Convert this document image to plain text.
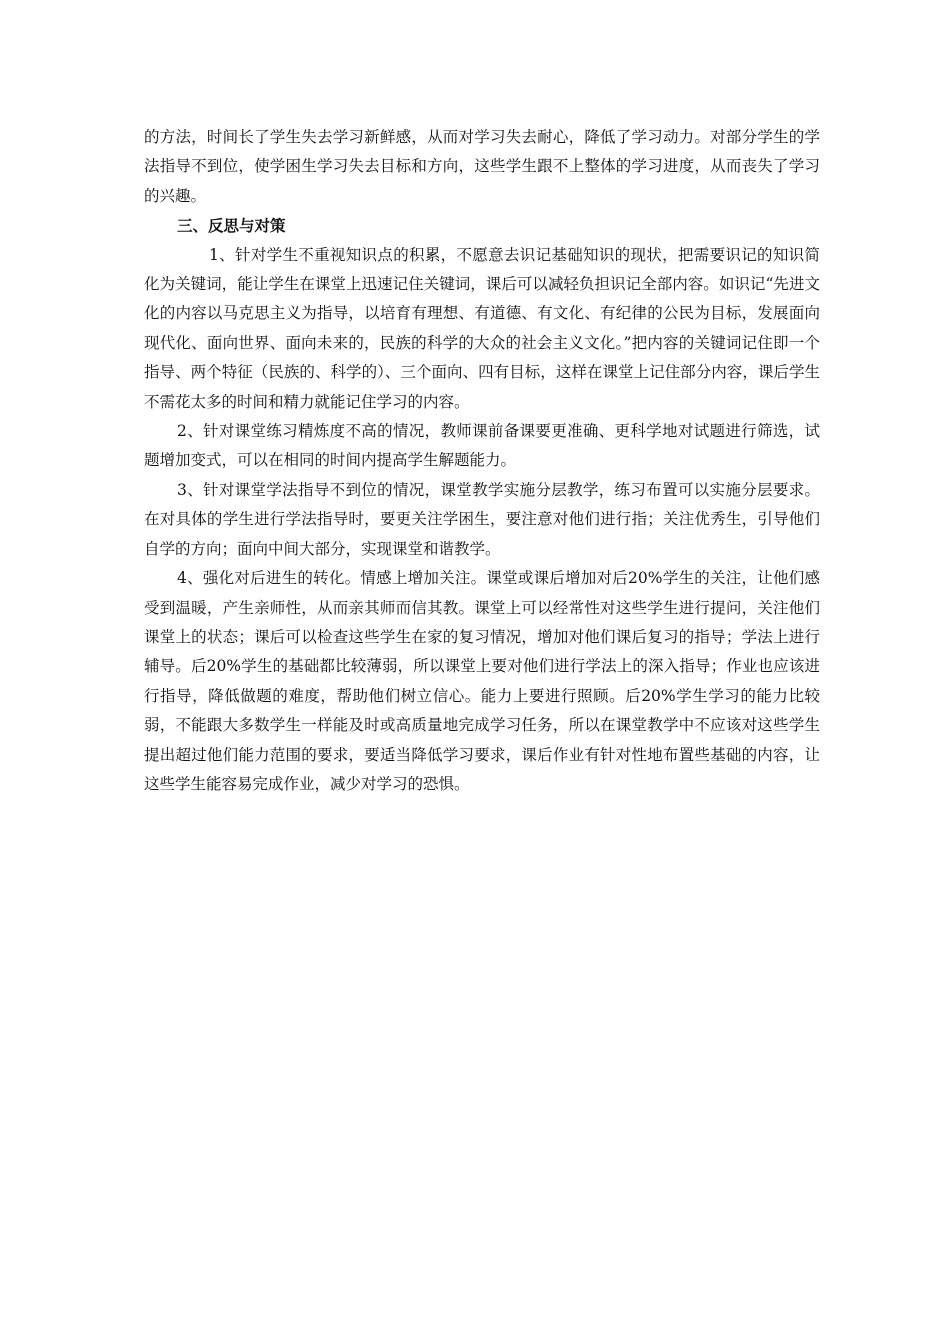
的方法，时间长了学生失去学习新鲜感，从而对学习失去耐心，降低了学习动力。对部分学生的学法指导不到位，使学困生学习失去目标和方向，这些学生跟不上整体的学习进度，从而丧失了学习的兴趣。

三、反思与对策

1、针对学生不重视知识点的积累，不愿意去识记基础知识的现状，把需要识记的知识简化为关键词，能让学生在课堂上迅速记住关键词，课后可以减轻负担识记全部内容。如识记“先进文化的内容以马克思主义为指导，以培育有理想、有道德、有文化、有纪律的公民为目标，发展面向现代化、面向世界、面向未来的，民族的科学的大众的社会主义文化。”把内容的关键词记住即一个指导、两个特征（民族的、科学的）、三个面向、四有目标，这样在课堂上记住部分内容，课后学生不需花太多的时间和精力就能记住学习的内容。

2、针对课堂练习精炼度不高的情况，教师课前备课要更准确、更科学地对试题进行筛选，试题增加变式，可以在相同的时间内提高学生解题能力。

3、针对课堂学法指导不到位的情况，课堂教学实施分层教学，练习布置可以实施分层要求。在对具体的学生进行学法指导时，要更关注学困生，要注意对他们进行指；关注优秀生，引导他们自学的方向；面向中间大部分，实现课堂和谐教学。

4、强化对后进生的转化。情感上增加关注。课堂或课后增加对后20%学生的关注，让他们感受到温暖，产生亲师性，从而亲其师而信其教。课堂上可以经常性对这些学生进行提问，关注他们课堂上的状态；课后可以检查这些学生在家的复习情况，增加对他们课后复习的指导；学法上进行辅导。后20%学生的基础都比较薄弱，所以课堂上要对他们进行学法上的深入指导；作业也应该进行指导，降低做题的难度，帮助他们树立信心。能力上要进行照顾。后20%学生学习的能力比较弱，不能跟大多数学生一样能及时或高质量地完成学习任务，所以在课堂教学中不应该对这些学生提出超过他们能力范围的要求，要适当降低学习要求，课后作业有针对性地布置些基础的内容，让这些学生能容易完成作业，减少对学习的恐惧。
